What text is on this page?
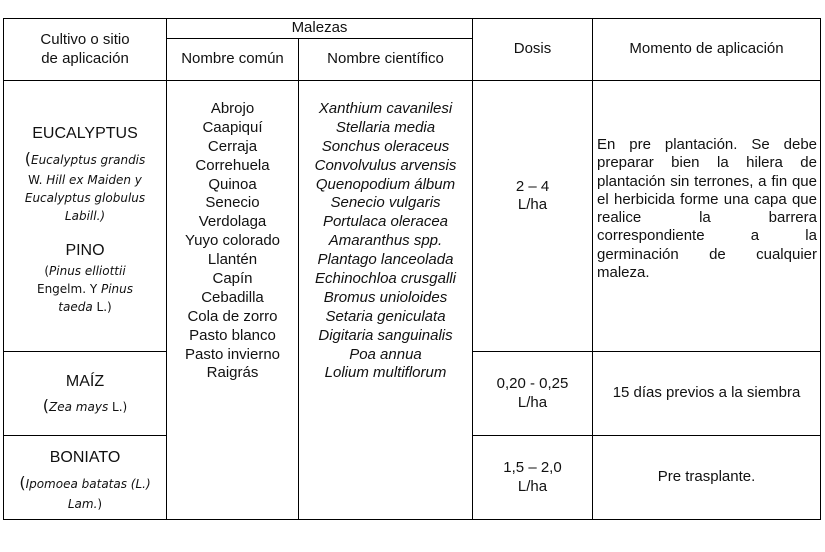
Cultivo o sitio
de aplicación
Malezas
Nombre común	Nombre científico
Dosis	Momento de aplicación

EUCALYPTUS

(Eucalyptus grandis
W. Hill ex Maiden y
Eucalyptus globulus
Labill.)

PINO

(Pinus elliottii
Engelm. Y Pinus
taeda L.)

MAÍZ

(Zea mays L.)

BONIATO

(Ipomoea batatas (L.)
Lam.)

Abrojo
Caapiquí
Cerraja
Correhuela
Quinoa
Senecio
Verdolaga
Yuyo colorado
Llantén
Capín
Cebadilla
Cola de zorro
Pasto blanco
Pasto invierno
Raigrás
Xanthium cavanilesi
Stellaria media
Sonchus oleraceus
Convolvulus arvensis
Quenopodium álbum
Senecio vulgaris
Portulaca oleracea
Amaranthus spp.
Plantago lanceolada
Echinochloa crusgalli
Bromus unioloides
Setaria geniculata
Digitaria sanguinalis
Poa annua
Lolium multiflorum
2 – 4
L/ha
0,20 - 0,25
L/ha
1,5 – 2,0
L/ha
En pre plantación. Se debe preparar bien la hilera de plantación sin terrones, a fin que el herbicida forme una capa que realice la barrera correspondiente a la germinación de cualquier maleza.
15 días previos a la siembra
Pre trasplante.
